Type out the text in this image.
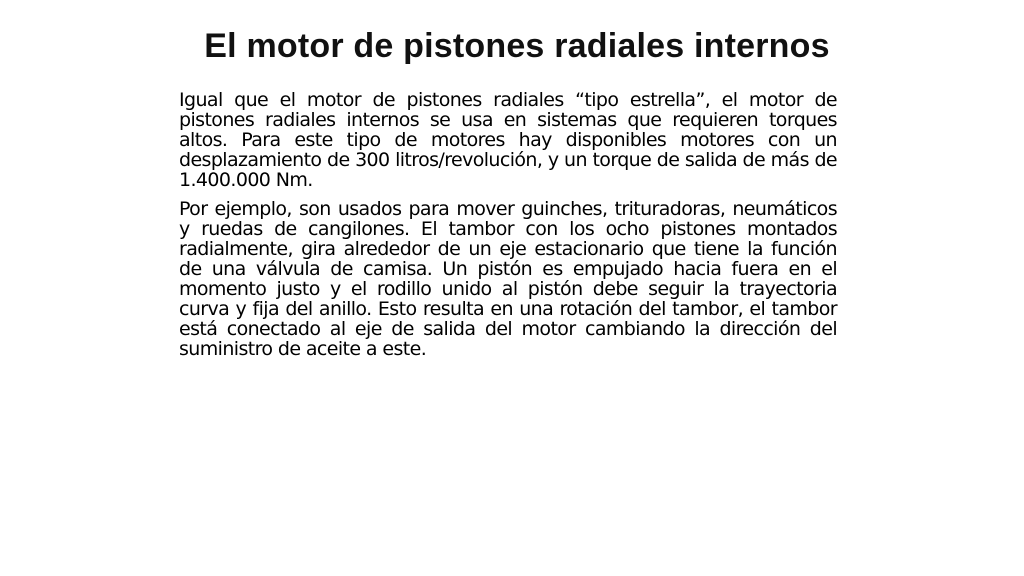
El motor de pistones radiales internos

Igual que el motor de pistones radiales “tipo estrella”, el motor de pistones radiales internos se usa en sistemas que requieren torques altos. Para este tipo de motores hay disponibles motores con un desplazamiento de 300 litros/revolución, y un torque de salida de más de 1.400.000 Nm.

Por ejemplo, son usados para mover guinches, trituradoras, neumáticos y ruedas de cangilones. El tambor con los ocho pistones montados radialmente, gira alrededor de un eje estacionario que tiene la función de una válvula de camisa. Un pistón es empujado hacia fuera en el momento justo y el rodillo unido al pistón debe seguir la trayectoria curva y fija del anillo. Esto resulta en una rotación del tambor, el tambor está conectado al eje de salida del motor cambiando la dirección del suministro de aceite a este.
